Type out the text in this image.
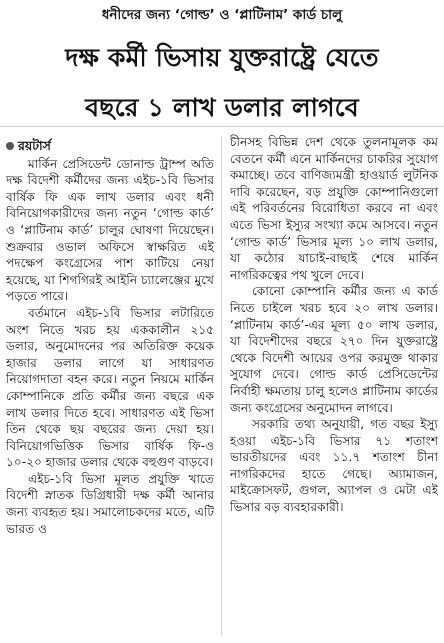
ধনীদের জন্য ‘গোল্ড’ ও ‘প্লাটিনাম’ কার্ড চালু
দক্ষ কর্মী ভিসায় যুক্তরাষ্ট্রে যেতে
বছরে ১ লাখ ডলার লাগবে
রয়টার্স

মার্কিন প্রেসিডেন্ট ডোনাল্ড ট্রাম্প অতি দক্ষ বিদেশী কর্মীদের জন্য এইচ-১বি ভিসার বার্ষিক ফি এক লাখ ডলার এবং ধনী বিনিয়োগকারীদের জন্য নতুন ‘গোল্ড কার্ড’ ও ‘প্লাটিনাম কার্ড’ চালুর ঘোষণা দিয়েছেন। শুক্রবার ওভাল অফিসে স্বাক্ষরিত এই পদক্ষেপ কংগ্রেসের পাশ কাটিয়ে নেয়া হয়েছে, যা শিগগিরই আইনি চ্যালেঞ্জের মুখে পড়তে পারে।

বর্তমানে এইচ-১বি ভিসার লটারিতে অংশ নিতে খরচ হয় এককালীন ২১৫ ডলার, অনুমোদনের পর অতিরিক্ত কয়েক হাজার ডলার লাগে যা সাধারণত নিয়োগদাতা বহন করে। নতুন নিয়মে মার্কিন কোম্পানিকে প্রতি কর্মীর জন্য বছরে এক লাখ ডলার দিতে হবে। সাধারণত এই ভিসা তিন থেকে ছয় বছরের জন্য দেয়া হয়। বিনিয়োগভিত্তিক ভিসার বার্ষিক ফি-ও ১০-২০ হাজার ডলার থেকে বহুগুণ বাড়বে।

এইচ-১বি ভিসা মূলত প্রযুক্তি খাতে বিদেশী স্নাতক ডিগ্রিধারী দক্ষ কর্মী আনার জন্য ব্যবহৃত হয়। সমালোচকদের মতে, এটি ভারত ও

চীনসহ বিভিন্ন দেশ থেকে তুলনামূলক কম বেতনে কর্মী এনে মার্কিনদের চাকরির সুযোগ কমাচ্ছে। তবে বাণিজ্যমন্ত্রী হাওয়ার্ড লুটনিক দাবি করেছেন, বড় প্রযুক্তি কোম্পানিগুলো এই পরিবর্তনের বিরোধিতা করবে না এবং এতে ভিসা ইস্যুর সংখ্যা কমে আসবে। নতুন ‘গোল্ড কার্ড’ ভিসার মূল্য ১০ লাখ ডলার, যা কঠোর যাচাই-বাছাই শেষে মার্কিন নাগরিকত্বের পথ খুলে দেবে।

কোনো কোম্পানি কর্মীর জন্য এ কার্ড নিতে চাইলে খরচ হবে ২০ লাখ ডলার। ‘প্লাটিনাম কার্ড’-এর মূল্য ৫০ লাখ ডলার, যা বিদেশীদের বছরে ২৭০ দিন যুক্তরাষ্ট্রে থেকে বিদেশী আয়ের ওপর করমুক্ত থাকার সুযোগ দেবে। গোল্ড কার্ড প্রেসিডেন্টের নির্বাহী ক্ষমতায় চালু হলেও প্লাটিনাম কার্ডের জন্য কংগ্রেসের অনুমোদন লাগবে।

সরকারি তথ্য অনুযায়ী, গত বছর ইস্যু হওয়া এইচ-১বি ভিসার ৭১ শতাংশ ভারতীয়দের এবং ১১.৭ শতাংশ চীনা নাগরিকদের হাতে গেছে। অ্যামাজন, মাইক্রোসফট, গুগল, অ্যাপল ও মেটা এই ভিসার বড় ব্যবহারকারী।
